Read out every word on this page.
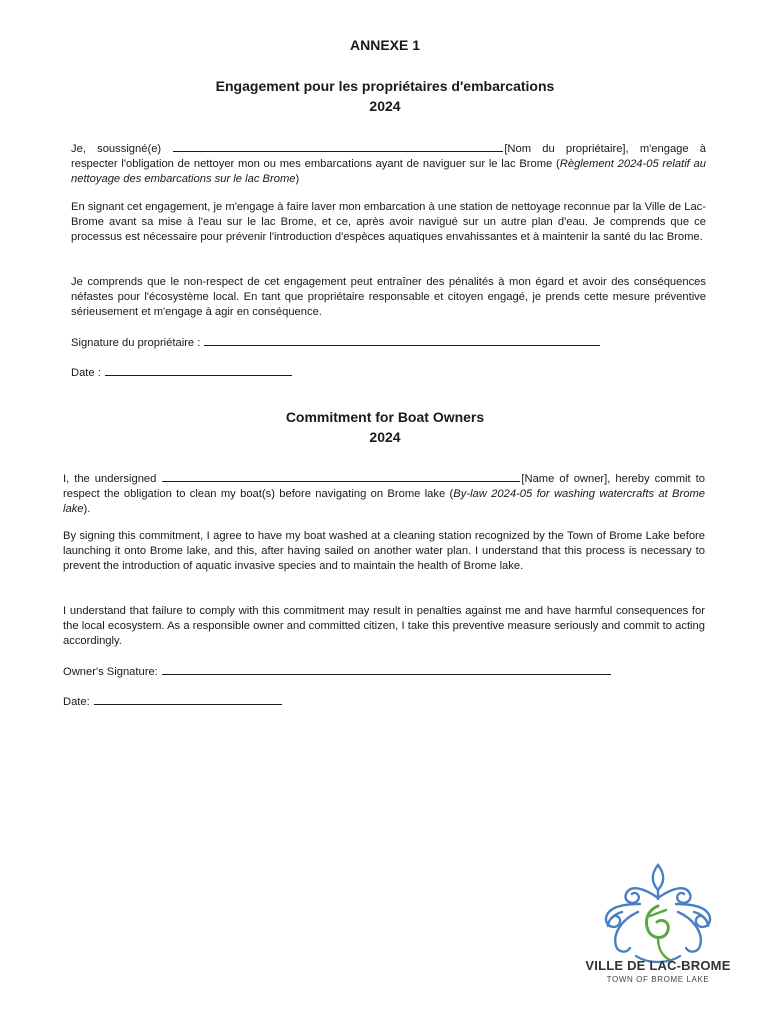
ANNEXE 1
Engagement pour les propriétaires d'embarcations
2024

Je, soussigné(e)	[Nom du propriétaire], m'engage à respecter l'obligation de nettoyer mon ou mes embarcations ayant de naviguer sur le lac Brome (Règlement 2024-05 relatif au nettoyage des embarcations sur le lac Brome)

En signant cet engagement, je m'engage à faire laver mon embarcation à une station de nettoyage reconnue par la Ville de Lac-Brome avant sa mise à l'eau sur le lac Brome, et ce, après avoir navigué sur un autre plan d'eau. Je comprends que ce processus est nécessaire pour prévenir l'introduction d'espèces aquatiques envahissantes et à maintenir la santé du lac Brome.

Je comprends que le non-respect de cet engagement peut entraîner des pénalités à mon égard et avoir des conséquences néfastes pour l'écosystème local. En tant que propriétaire responsable et citoyen engagé, je prends cette mesure préventive sérieusement et m'engage à agir en conséquence.

Signature du propriétaire :
Date :
Commitment for Boat Owners
2024

I, the undersigned	[Name of owner], hereby commit to respect the obligation to clean my boat(s) before navigating on Brome lake (By-law 2024-05 for washing watercrafts at Brome lake).

By signing this commitment, I agree to have my boat washed at a cleaning station recognized by the Town of Brome Lake before launching it onto Brome lake, and this, after having sailed on another water plan. I understand that this process is necessary to prevent the introduction of aquatic invasive species and to maintain the health of Brome lake.

I understand that failure to comply with this commitment may result in penalties against me and have harmful consequences for the local ecosystem. As a responsible owner and committed citizen, I take this preventive measure seriously and commit to acting accordingly.

Owner's Signature:
Date:
VILLE DE LAC-BROME
TOWN OF BROME LAKE
